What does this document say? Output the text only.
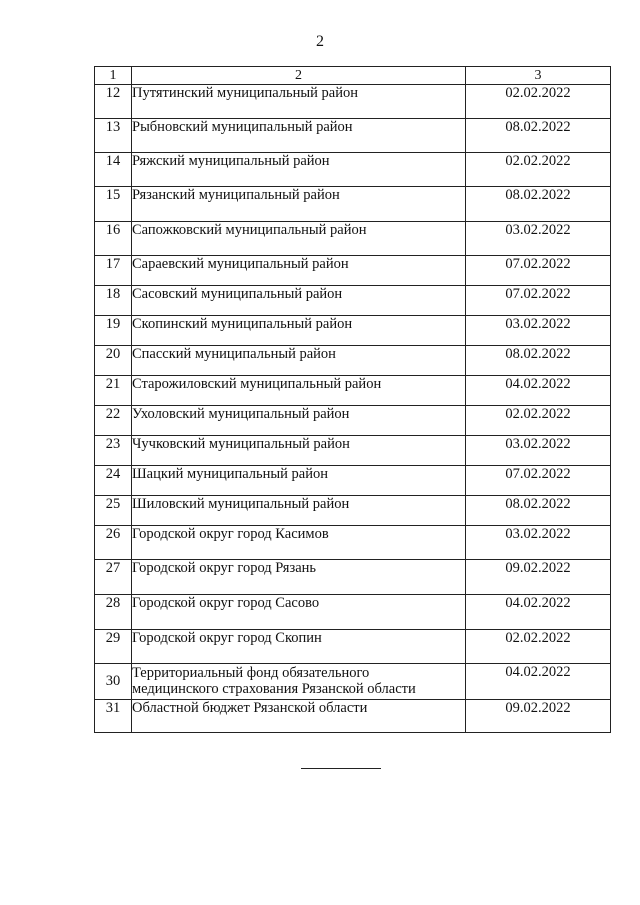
2
1	2	3
12	Путятинский муниципальный район	02.02.2022
13	Рыбновский муниципальный район	08.02.2022
14	Ряжский муниципальный район	02.02.2022
15	Рязанский муниципальный район	08.02.2022
16	Сапожковский муниципальный район	03.02.2022
17	Сараевский муниципальный район	07.02.2022
18	Сасовский муниципальный район	07.02.2022
19	Скопинский муниципальный район	03.02.2022
20	Спасский муниципальный район	08.02.2022
21	Старожиловский муниципальный район	04.02.2022
22	Ухоловский муниципальный район	02.02.2022
23	Чучковский муниципальный район	03.02.2022
24	Шацкий муниципальный район	07.02.2022
25	Шиловский муниципальный район	08.02.2022
26	Городской округ город Касимов	03.02.2022
27	Городской округ город Рязань	09.02.2022
28	Городской округ город Сасово	04.02.2022
29	Городской округ город Скопин	02.02.2022
30	Территориальный фонд обязательного
медицинского страхования Рязанской области	04.02.2022
31	Областной бюджет Рязанской области	09.02.2022
